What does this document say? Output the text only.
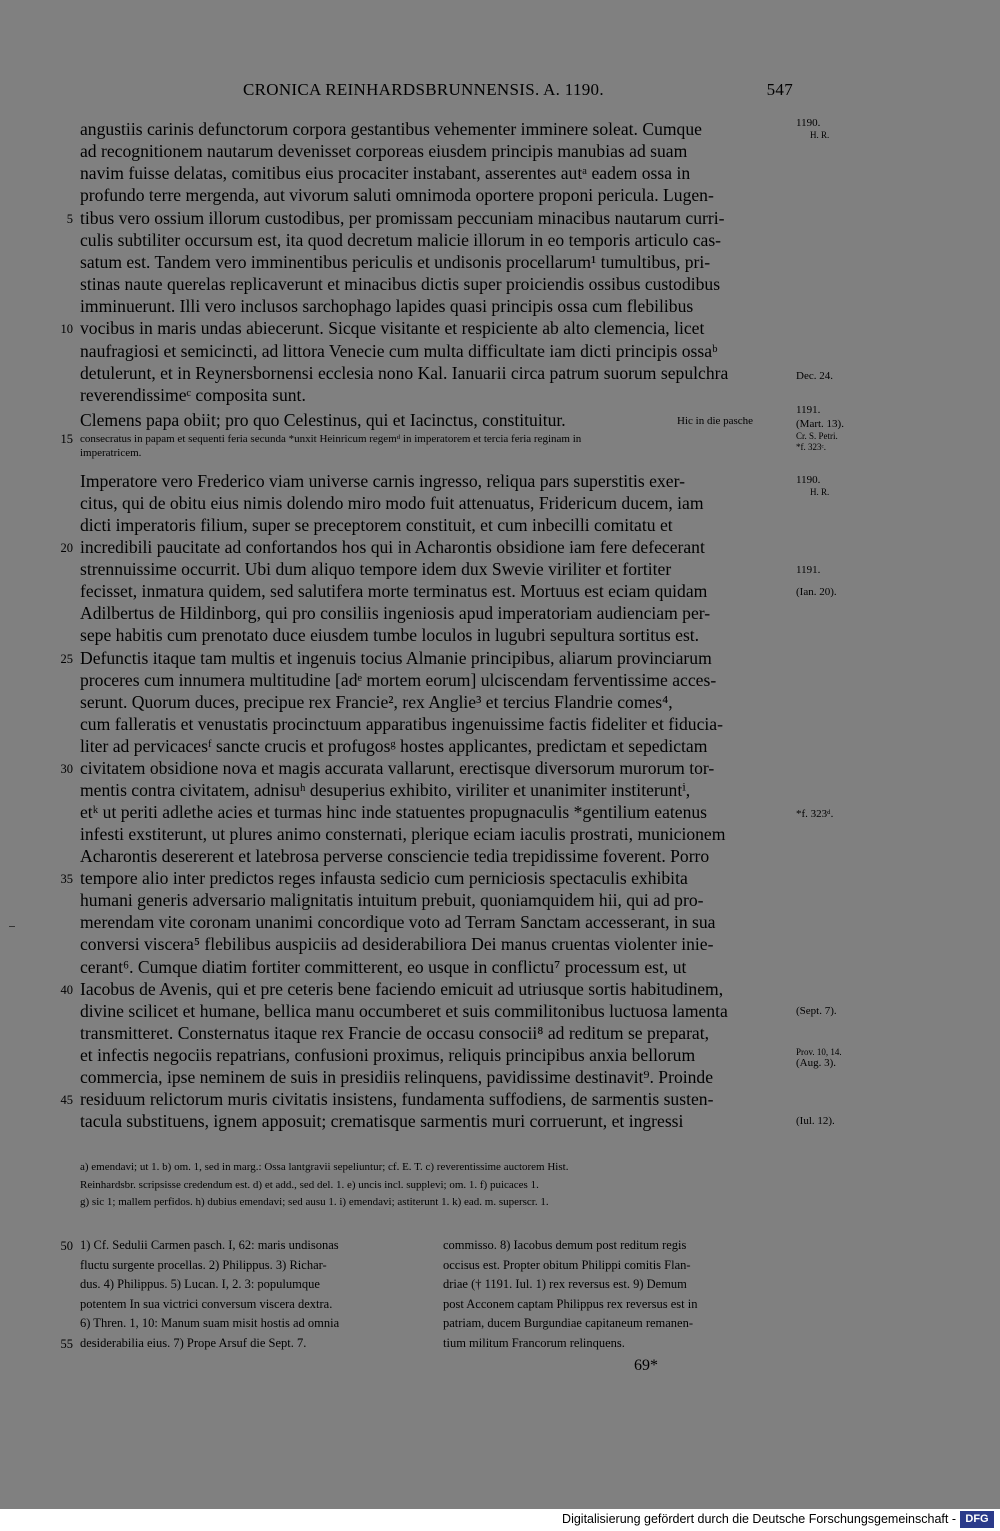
CRONICA REINHARDSBRUNNENSIS. A. 1190.	547
angustiis carinis defunctorum corpora gestantibus vehementer imminere soleat. Cumque
ad recognitionem nautarum devenisset corporeas eiusdem principis manubias ad suam
navim fuisse delatas, comitibus eius procaciter instabant, asserentes autᵃ eadem ossa in
profundo terre mergenda, aut vivorum saluti omnimoda oportere proponi pericula. Lugen-
tibus vero ossium illorum custodibus, per promissam peccuniam minacibus nautarum curri-
5
culis subtiliter occursum est, ita quod decretum malicie illorum in eo temporis articulo cas-
satum est. Tandem vero imminentibus periculis et undisonis procellarum¹ tumultibus, pri-
stinas naute querelas replicaverunt et minacibus dictis super proiciendis ossibus custodibus
imminuerunt. Illi vero inclusos sarchophago lapides quasi principis ossa cum flebilibus
vocibus in maris undas abiecerunt. Sicque visitante et respiciente ab alto clemencia, licet
10
naufragiosi et semicincti, ad littora Venecie cum multa difficultate iam dicti principis ossaᵇ
detulerunt, et in Reynersbornensi ecclesia nono Kal. Ianuarii circa patrum suorum sepulchra
reverendissimeᶜ composita sunt.
Clemens papa obiit; pro quo Celestinus, qui et Iacinctus, constituitur.
Imperatore vero Frederico viam universe carnis ingresso, reliqua pars superstitis exer-
citus, qui de obitu eius nimis dolendo miro modo fuit attenuatus, Fridericum ducem, iam
dicti imperatoris filium, super se preceptorem constituit, et cum inbecilli comitatu et
incredibili paucitate ad confortandos hos qui in Acharontis obsidione iam fere defecerant
20
strennuissime occurrit. Ubi dum aliquo tempore idem dux Swevie viriliter et fortiter
fecisset, inmatura quidem, sed salutifera morte terminatus est. Mortuus est eciam quidam
Adilbertus de Hildinborg, qui pro consiliis ingeniosis apud imperatoriam audienciam per-
sepe habitis cum prenotato duce eiusdem tumbe loculos in lugubri sepultura sortitus est.
Defunctis itaque tam multis et ingenuis tocius Almanie principibus, aliarum provinciarum
25
proceres cum innumera multitudine [adᵉ mortem eorum] ulciscendam ferventissime acces-
serunt. Quorum duces, precipue rex Francie², rex Anglie³ et tercius Flandrie comes⁴,
cum falleratis et venustatis procinctuum apparatibus ingenuissime factis fideliter et fiducia-
liter ad pervicacesᶠ sancte crucis et profugosᵍ hostes applicantes, predictam et sepedictam
civitatem obsidione nova et magis accurata vallarunt, erectisque diversorum murorum tor-
30
mentis contra civitatem, adnisuʰ desuperius exhibito, viriliter et unanimiter institeruntⁱ,
etᵏ ut periti adlethe acies et turmas hinc inde statuentes propugnaculis *gentilium eatenus
infesti exstiterunt, ut plures animo consternati, plerique eciam iaculis prostrati, municionem
Acharontis desererent et latebrosa perverse consciencie tedia trepidissime foverent. Porro
tempore alio inter predictos reges infausta sedicio cum perniciosis spectaculis exhibita
35
humani generis adversario malignitatis intuitum prebuit, quoniamquidem hii, qui ad pro-
merendam vite coronam unanimi concordique voto ad Terram Sanctam accesserant, in sua
conversi viscera⁵ flebilibus auspiciis ad desiderabiliora Dei manus cruentas violenter inie-
cerant⁶. Cumque diatim fortiter committerent, eo usque in conflictu⁷ processum est, ut
Iacobus de Avenis, qui et pre ceteris bene faciendo emicuit ad utriusque sortis habitudinem,
40
divine scilicet et humane, bellica manu occumberet et suis commilitonibus luctuosa lamenta
transmitteret. Consternatus itaque rex Francie de occasu consocii⁸ ad reditum se preparat,
et infectis negociis repatrians, confusioni proximus, reliquis principibus anxia bellorum
commercia, ipse neminem de suis in presidiis relinquens, pavidissime destinavit⁹. Proinde
residuum relictorum muris civitatis insistens, fundamenta suffodiens, de sarmentis susten-
45
tacula substituens, ignem apposuit; crematisque sarmentis muri corruerunt, et ingressi
Hic in die pasche
15 consecratus in papam et sequenti feria secunda *unxit Heinricum regemᵈ in imperatorem et tercia feria reginam in
imperatricem.
1190.
H. R.
Dec. 24.
1191.
(Mart. 13).
Cr. S. Petri.
*f. 323ᶜ.
1190.
H. R.
1191.
(Ian. 20).
*f. 323ᵈ.
(Sept. 7).
Prov. 10, 14.
(Aug. 3).
(Iul. 12).
a) emendavi; ut 1. b) om. 1, sed in marg.: Ossa lantgravii sepeliuntur; cf. E. T. c) reverentissime auctorem Hist.
Reinhardsbr. scripsisse credendum est. d) et add., sed del. 1. e) uncis incl. supplevi; om. 1. f) puicaces 1.
g) sic 1; mallem perfidos. h) dubius emendavi; sed ausu 1. i) emendavi; astiterunt 1. k) ead. m. superscr. 1.
1) Cf. Sedulii Carmen pasch. I, 62: maris undisonas
50
fluctu surgente procellas. 2) Philippus. 3) Richar-
dus. 4) Philippus. 5) Lucan. I, 2. 3: populumque
potentem In sua victrici conversum viscera dextra.
6) Thren. 1, 10: Manum suam misit hostis ad omnia
desiderabilia eius. 7) Prope Arsuf die Sept. 7.
55
commisso. 8) Iacobus demum post reditum regis
occisus est. Propter obitum Philippi comitis Flan-
driae († 1191. Iul. 1) rex reversus est. 9) Demum
post Acconem captam Philippus rex reversus est in
patriam, ducem Burgundiae capitaneum remanen-
tium militum Francorum relinquens.
69*
Digitalisierung gefördert durch die Deutsche Forschungsgemeinschaft - DFG
